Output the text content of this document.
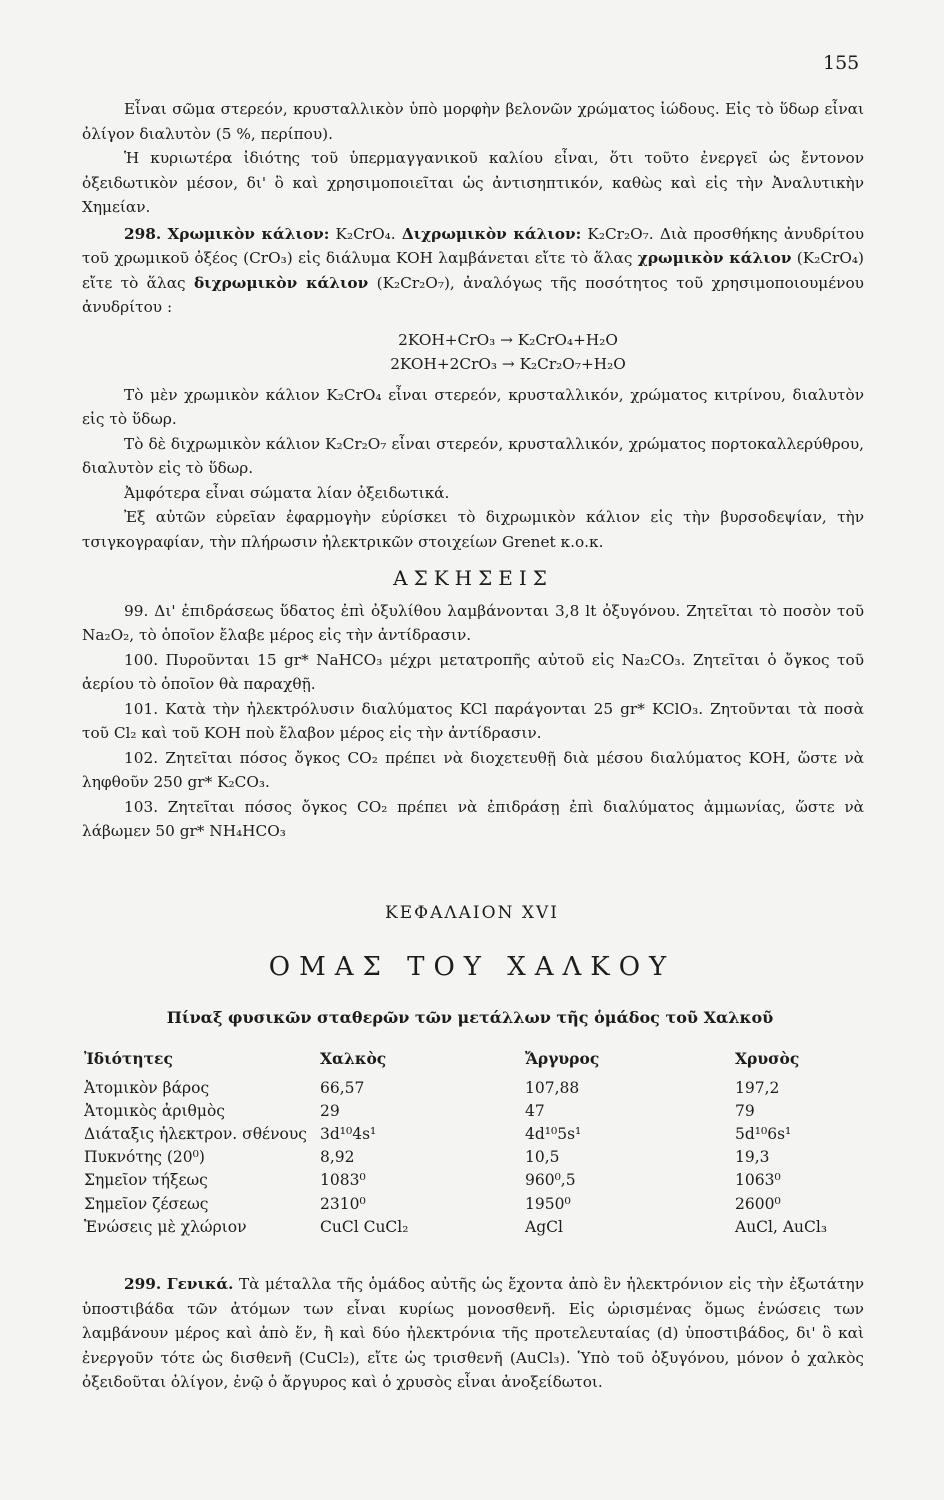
155

Εἶναι σῶμα στερεόν, κρυσταλλικὸν ὑπὸ μορφὴν βελονῶν χρώματος ἰώδους. Εἰς τὸ ὕδωρ εἶναι ὀλίγον διαλυτὸν (5 %, περίπου).

Ἡ κυριωτέρα ἰδιότης τοῦ ὑπερμαγγανικοῦ καλίου εἶναι, ὅτι τοῦτο ἐνεργεῖ ὡς ἔντονον ὀξειδωτικὸν μέσον, δι' ὃ καὶ χρησιμοποιεῖται ὡς ἀντισηπτικόν, καθὼς καὶ εἰς τὴν Ἀναλυτικὴν Χημείαν.

298. Χρωμικὸν κάλιον: K₂CrO₄. Διχρωμικὸν κάλιον: K₂Cr₂O₇. Διὰ προσθήκης ἀνυδρίτου τοῦ χρωμικοῦ ὀξέος (CrO₃) εἰς διάλυμα KOH λαμβάνεται εἴτε τὸ ἅλας χρωμικὸν κάλιον (K₂CrO₄) εἴτε τὸ ἅλας διχρωμικὸν κάλιον (K₂Cr₂O₇), ἀναλόγως τῆς ποσότητος τοῦ χρησιμοποιουμένου ἀνυδρίτου :

2KOH+CrO₃ → K₂CrO₄+H₂O

2KOH+2CrO₃ → K₂Cr₂O₇+H₂O

Τὸ μὲν χρωμικὸν κάλιον K₂CrO₄ εἶναι στερεόν, κρυσταλλικόν, χρώματος κιτρίνου, διαλυτὸν εἰς τὸ ὕδωρ.

Τὸ δὲ διχρωμικὸν κάλιον K₂Cr₂O₇ εἶναι στερεόν, κρυσταλλικόν, χρώματος πορτοκαλλερύθρου, διαλυτὸν εἰς τὸ ὕδωρ.

Ἀμφότερα εἶναι σώματα λίαν ὀξειδωτικά.

Ἐξ αὐτῶν εὐρεῖαν ἐφαρμογὴν εὑρίσκει τὸ διχρωμικὸν κάλιον εἰς τὴν βυρσοδεψίαν, τὴν τσιγκογραφίαν, τὴν πλήρωσιν ἠλεκτρικῶν στοιχείων Grenet κ.ο.κ.

ΑΣΚΗΣΕΙΣ

99. Δι' ἐπιδράσεως ὕδατος ἐπὶ ὀξυλίθου λαμβάνονται 3,8 lt ὀξυγόνου. Ζητεῖται τὸ ποσὸν τοῦ Na₂O₂, τὸ ὁποῖον ἔλαβε μέρος εἰς τὴν ἀντίδρασιν.

100. Πυροῦνται 15 gr* NaHCO₃ μέχρι μετατροπῆς αὐτοῦ εἰς Na₂CO₃. Ζητεῖται ὁ ὄγκος τοῦ ἀερίου τὸ ὁποῖον θὰ παραχθῇ.

101. Κατὰ τὴν ἠλεκτρόλυσιν διαλύματος KCl παράγονται 25 gr* KClO₃. Ζητοῦνται τὰ ποσὰ τοῦ Cl₂ καὶ τοῦ KOH ποὺ ἔλαβον μέρος εἰς τὴν ἀντίδρασιν.

102. Ζητεῖται πόσος ὄγκος CO₂ πρέπει νὰ διοχετευθῇ διὰ μέσου διαλύματος KOH, ὥστε νὰ ληφθοῦν 250 gr* K₂CO₃.

103. Ζητεῖται πόσος ὄγκος CO₂ πρέπει νὰ ἐπιδράσῃ ἐπὶ διαλύματος ἀμμωνίας, ὥστε νὰ λάβωμεν 50 gr* NH₄HCO₃

ΚΕΦΑΛΑΙΟΝ XVI
ΟΜΑΣ ΤΟΥ ΧΑΛΚΟΥ
Πίναξ φυσικῶν σταθερῶν τῶν μετάλλων τῆς ὁμάδος τοῦ Χαλκοῦ
Ἰδιότητες	Χαλκὸς	Ἄργυρος	Χρυσὸς
Ἀτομικὸν βάρος	66,57	107,88	197,2
Ἀτομικὸς ἀριθμὸς	29	47	79
Διάταξις ἠλεκτρον. σθένους	3d¹⁰4s¹	4d¹⁰5s¹	5d¹⁰6s¹
Πυκνότης (20⁰)	8,92	10,5	19,3
Σημεῖον τήξεως	1083⁰	960⁰,5	1063⁰
Σημεῖον ζέσεως	2310⁰	1950⁰	2600⁰
Ἑνώσεις μὲ χλώριον	CuCl CuCl₂	AgCl	AuCl, AuCl₃

299. Γενικά. Τὰ μέταλλα τῆς ὁμάδος αὐτῆς ὡς ἔχοντα ἀπὸ ἓν ἠλεκτρόνιον εἰς τὴν ἐξωτάτην ὑποστιβάδα τῶν ἀτόμων των εἶναι κυρίως μονοσθενῆ. Εἰς ὡρισμένας ὅμως ἑνώσεις των λαμβάνουν μέρος καὶ ἀπὸ ἕν, ἢ καὶ δύο ἠλεκτρόνια τῆς προτελευταίας (d) ὑποστιβάδος, δι' ὃ καὶ ἐνεργοῦν τότε ὡς δισθενῆ (CuCl₂), εἴτε ὡς τρισθενῆ (AuCl₃). Ὑπὸ τοῦ ὀξυγόνου, μόνον ὁ χαλκὸς ὀξειδοῦται ὀλίγον, ἐνῷ ὁ ἄργυρος καὶ ὁ χρυσὸς εἶναι ἀνοξείδωτοι.
